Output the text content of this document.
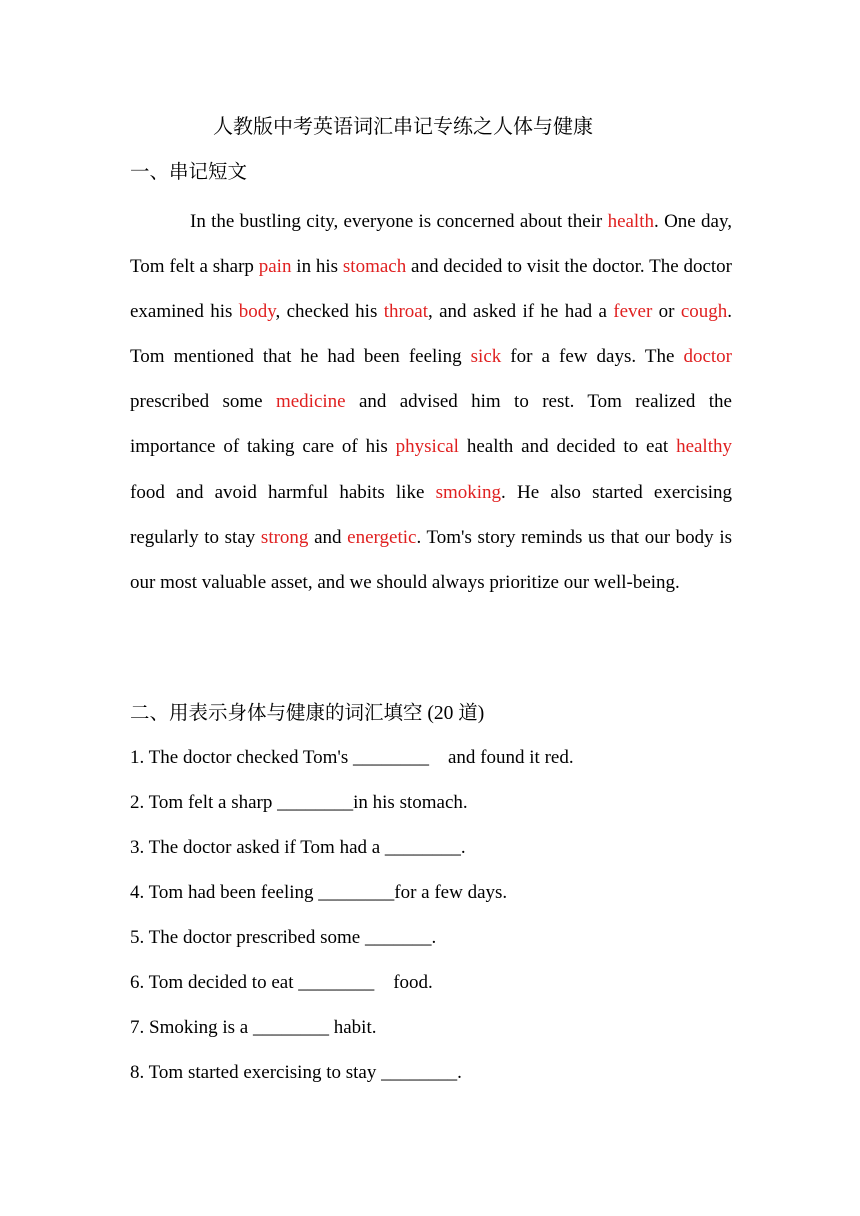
人教版中考英语词汇串记专练之人体与健康
一、串记短文

In the bustling city, everyone is concerned about their health. One day, Tom felt a sharp pain in his stomach and decided to visit the doctor. The doctor examined his body, checked his throat, and asked if he had a fever or cough. Tom mentioned that he had been feeling sick for a few days. The doctor prescribed some medicine and advised him to rest. Tom realized the importance of taking care of his physical health and decided to eat healthy food and avoid harmful habits like smoking. He also started exercising regularly to stay strong and energetic. Tom's story reminds us that our body is our most valuable asset, and we should always prioritize our well-being.

二、用表示身体与健康的词汇填空 (20 道)
1. The doctor checked Tom's ________    and found it red.
2. Tom felt a sharp ________in his stomach.
3. The doctor asked if Tom had a ________.
4. Tom had been feeling ________for a few days.
5. The doctor prescribed some _______.
6. Tom decided to eat ________    food.
7. Smoking is a ________ habit.
8. Tom started exercising to stay ________.
